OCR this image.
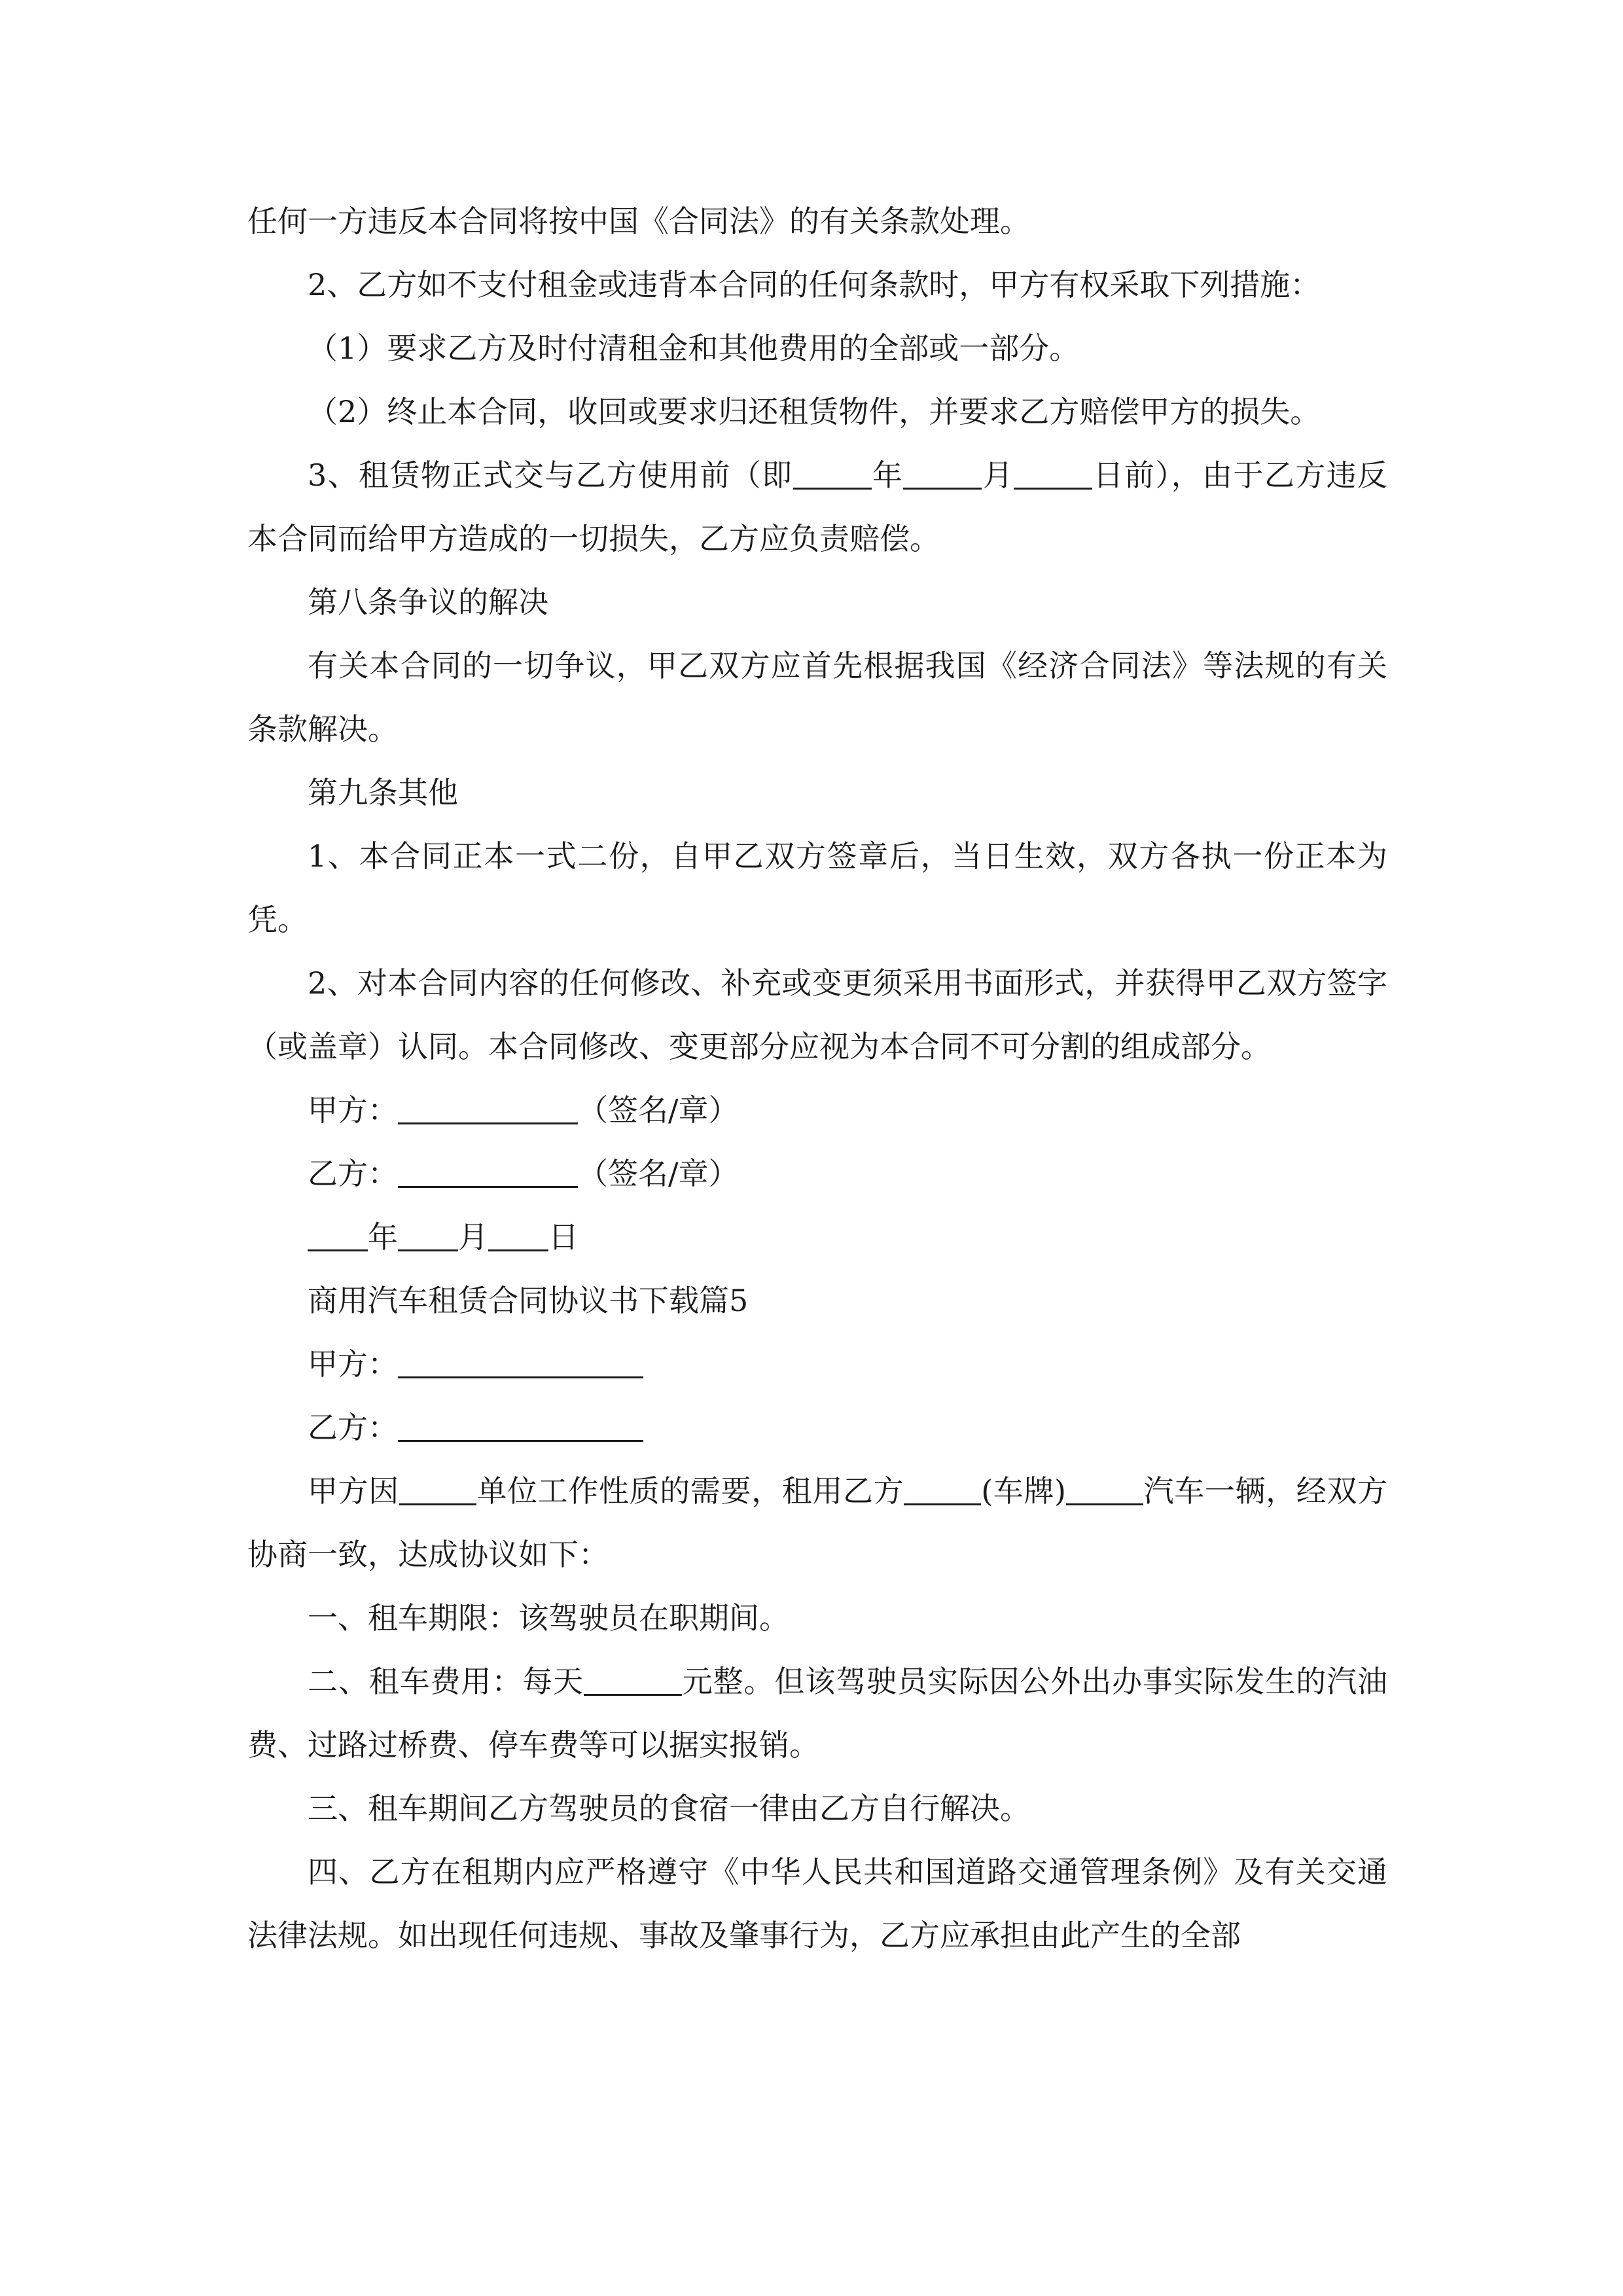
任何一方违反本合同将按中国《合同法》的有关条款处理。

2、乙方如不支付租金或违背本合同的任何条款时，甲方有权采取下列措施：

（1）要求乙方及时付清租金和其他费用的全部或一部分。

（2）终止本合同，收回或要求归还租赁物件，并要求乙方赔偿甲方的损失。

3、租赁物正式交与乙方使用前（即	年	月	日前），由于乙方违反本合同而给甲方造成的一切损失，乙方应负责赔偿。

第八条争议的解决

有关本合同的一切争议，甲乙双方应首先根据我国《经济合同法》等法规的有关条款解决。

第九条其他

1、本合同正本一式二份，自甲乙双方签章后，当日生效，双方各执一份正本为凭。

2、对本合同内容的任何修改、补充或变更须采用书面形式，并获得甲乙双方签字（或盖章）认同。本合同修改、变更部分应视为本合同不可分割的组成部分。

甲方：	（签名/章）

乙方：	（签名/章）

年 月 日

商用汽车租赁合同协议书下载篇5

甲方：

乙方：

甲方因	单位工作性质的需要，租用乙方	(车牌)	汽车一辆，经双方协商一致，达成协议如下：

一、租车期限：该驾驶员在职期间。

二、租车费用：每天	元整。但该驾驶员实际因公外出办事实际发生的汽油费、过路过桥费、停车费等可以据实报销。

三、租车期间乙方驾驶员的食宿一律由乙方自行解决。

四、乙方在租期内应严格遵守《中华人民共和国道路交通管理条例》及有关交通法律法规。如出现任何违规、事故及肇事行为，乙方应承担由此产生的全部
